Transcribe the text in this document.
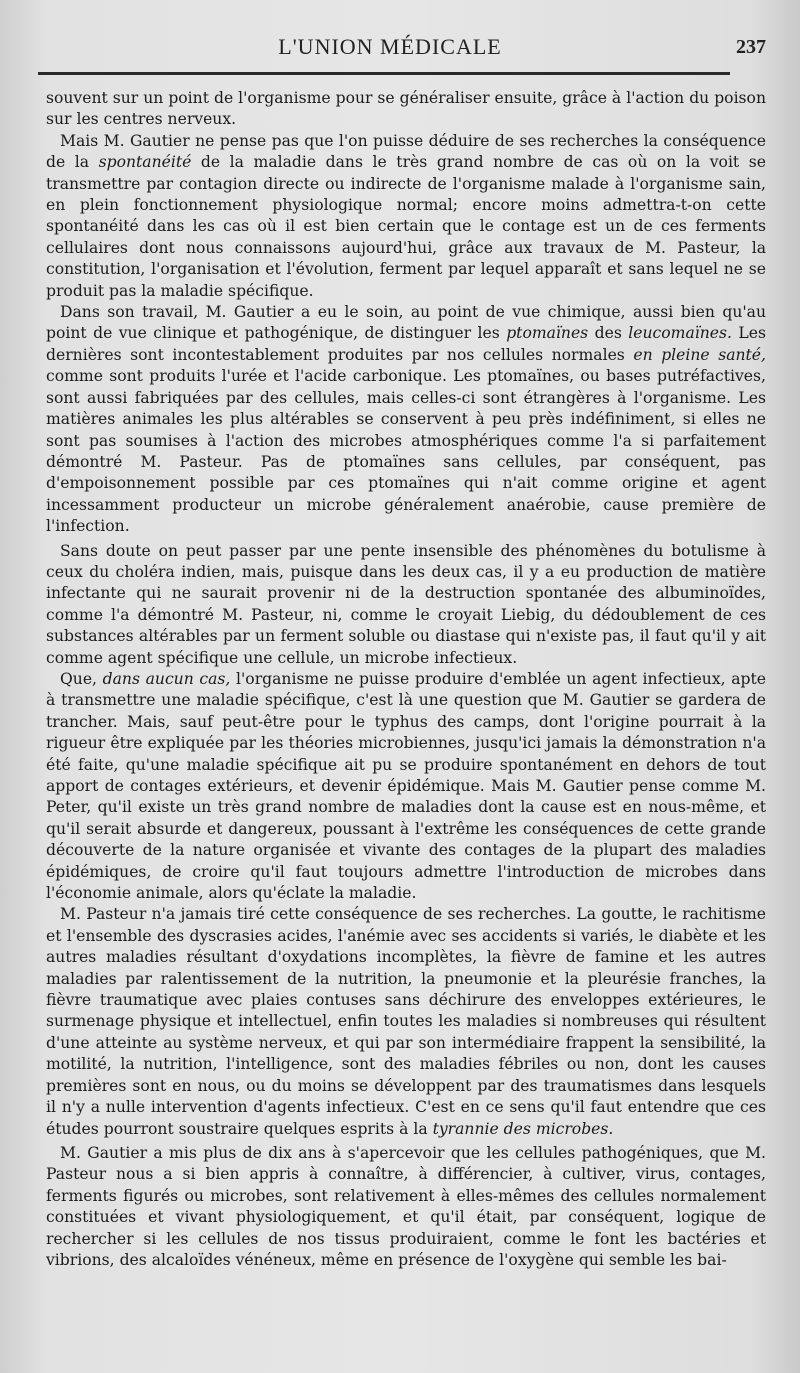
L'UNION MÉDICALE	237

souvent sur un point de l'organisme pour se généraliser ensuite, grâce à l'action du poison sur les centres nerveux.

Mais M. Gautier ne pense pas que l'on puisse déduire de ses recherches la conséquence de la spontanéité de la maladie dans le très grand nombre de cas où on la voit se transmettre par contagion directe ou indirecte de l'organisme malade à l'organisme sain, en plein fonctionnement physiologique normal; encore moins admettra-t-on cette spontanéité dans les cas où il est bien certain que le contage est un de ces ferments cellulaires dont nous connaissons aujourd'hui, grâce aux travaux de M. Pasteur, la constitution, l'organisation et l'évolution, ferment par lequel apparaît et sans lequel ne se produit pas la maladie spécifique.

Dans son travail, M. Gautier a eu le soin, au point de vue chimique, aussi bien qu'au point de vue clinique et pathogénique, de distinguer les ptomaïnes des leucomaïnes. Les dernières sont incontestablement produites par nos cellules normales en pleine santé, comme sont produits l'urée et l'acide carbonique. Les ptomaïnes, ou bases putréfactives, sont aussi fabriquées par des cellules, mais celles-ci sont étrangères à l'organisme. Les matières animales les plus altérables se conservent à peu près indéfiniment, si elles ne sont pas soumises à l'action des microbes atmosphériques comme l'a si parfaitement démontré M. Pasteur. Pas de ptomaïnes sans cellules, par conséquent, pas d'empoisonnement possible par ces ptomaïnes qui n'ait comme origine et agent incessamment producteur un microbe généralement anaérobie, cause première de l'infection.

Sans doute on peut passer par une pente insensible des phénomènes du botulisme à ceux du choléra indien, mais, puisque dans les deux cas, il y a eu production de matière infectante qui ne saurait provenir ni de la destruction spontanée des albuminoïdes, comme l'a démontré M. Pasteur, ni, comme le croyait Liebig, du dédoublement de ces substances altérables par un ferment soluble ou diastase qui n'existe pas, il faut qu'il y ait comme agent spécifique une cellule, un microbe infectieux.

Que, dans aucun cas, l'organisme ne puisse produire d'emblée un agent infectieux, apte à transmettre une maladie spécifique, c'est là une question que M. Gautier se gardera de trancher. Mais, sauf peut-être pour le typhus des camps, dont l'origine pourrait à la rigueur être expliquée par les théories microbiennes, jusqu'ici jamais la démonstration n'a été faite, qu'une maladie spécifique ait pu se produire spontanément en dehors de tout apport de contages extérieurs, et devenir épidémique. Mais M. Gautier pense comme M. Peter, qu'il existe un très grand nombre de maladies dont la cause est en nous-même, et qu'il serait absurde et dangereux, poussant à l'extrême les conséquences de cette grande découverte de la nature organisée et vivante des contages de la plupart des maladies épidémiques, de croire qu'il faut toujours admettre l'introduction de microbes dans l'économie animale, alors qu'éclate la maladie.

M. Pasteur n'a jamais tiré cette conséquence de ses recherches. La goutte, le rachitisme et l'ensemble des dyscrasies acides, l'anémie avec ses accidents si variés, le diabète et les autres maladies résultant d'oxydations incomplètes, la fièvre de famine et les autres maladies par ralentissement de la nutrition, la pneumonie et la pleurésie franches, la fièvre traumatique avec plaies contuses sans déchirure des enveloppes extérieures, le surmenage physique et intellectuel, enfin toutes les maladies si nombreuses qui résultent d'une atteinte au système nerveux, et qui par son intermédiaire frappent la sensibilité, la motilité, la nutrition, l'intelligence, sont des maladies fébriles ou non, dont les causes premières sont en nous, ou du moins se développent par des traumatismes dans lesquels il n'y a nulle intervention d'agents infectieux. C'est en ce sens qu'il faut entendre que ces études pourront soustraire quelques esprits à la tyrannie des microbes.

M. Gautier a mis plus de dix ans à s'apercevoir que les cellules pathogéniques, que M. Pasteur nous a si bien appris à connaître, à différencier, à cultiver, virus, contages, ferments figurés ou microbes, sont relativement à elles-mêmes des cellules normalement constituées et vivant physiologiquement, et qu'il était, par conséquent, logique de rechercher si les cellules de nos tissus produiraient, comme le font les bactéries et vibrions, des alcaloïdes vénéneux, même en présence de l'oxygène qui semble les bai-
